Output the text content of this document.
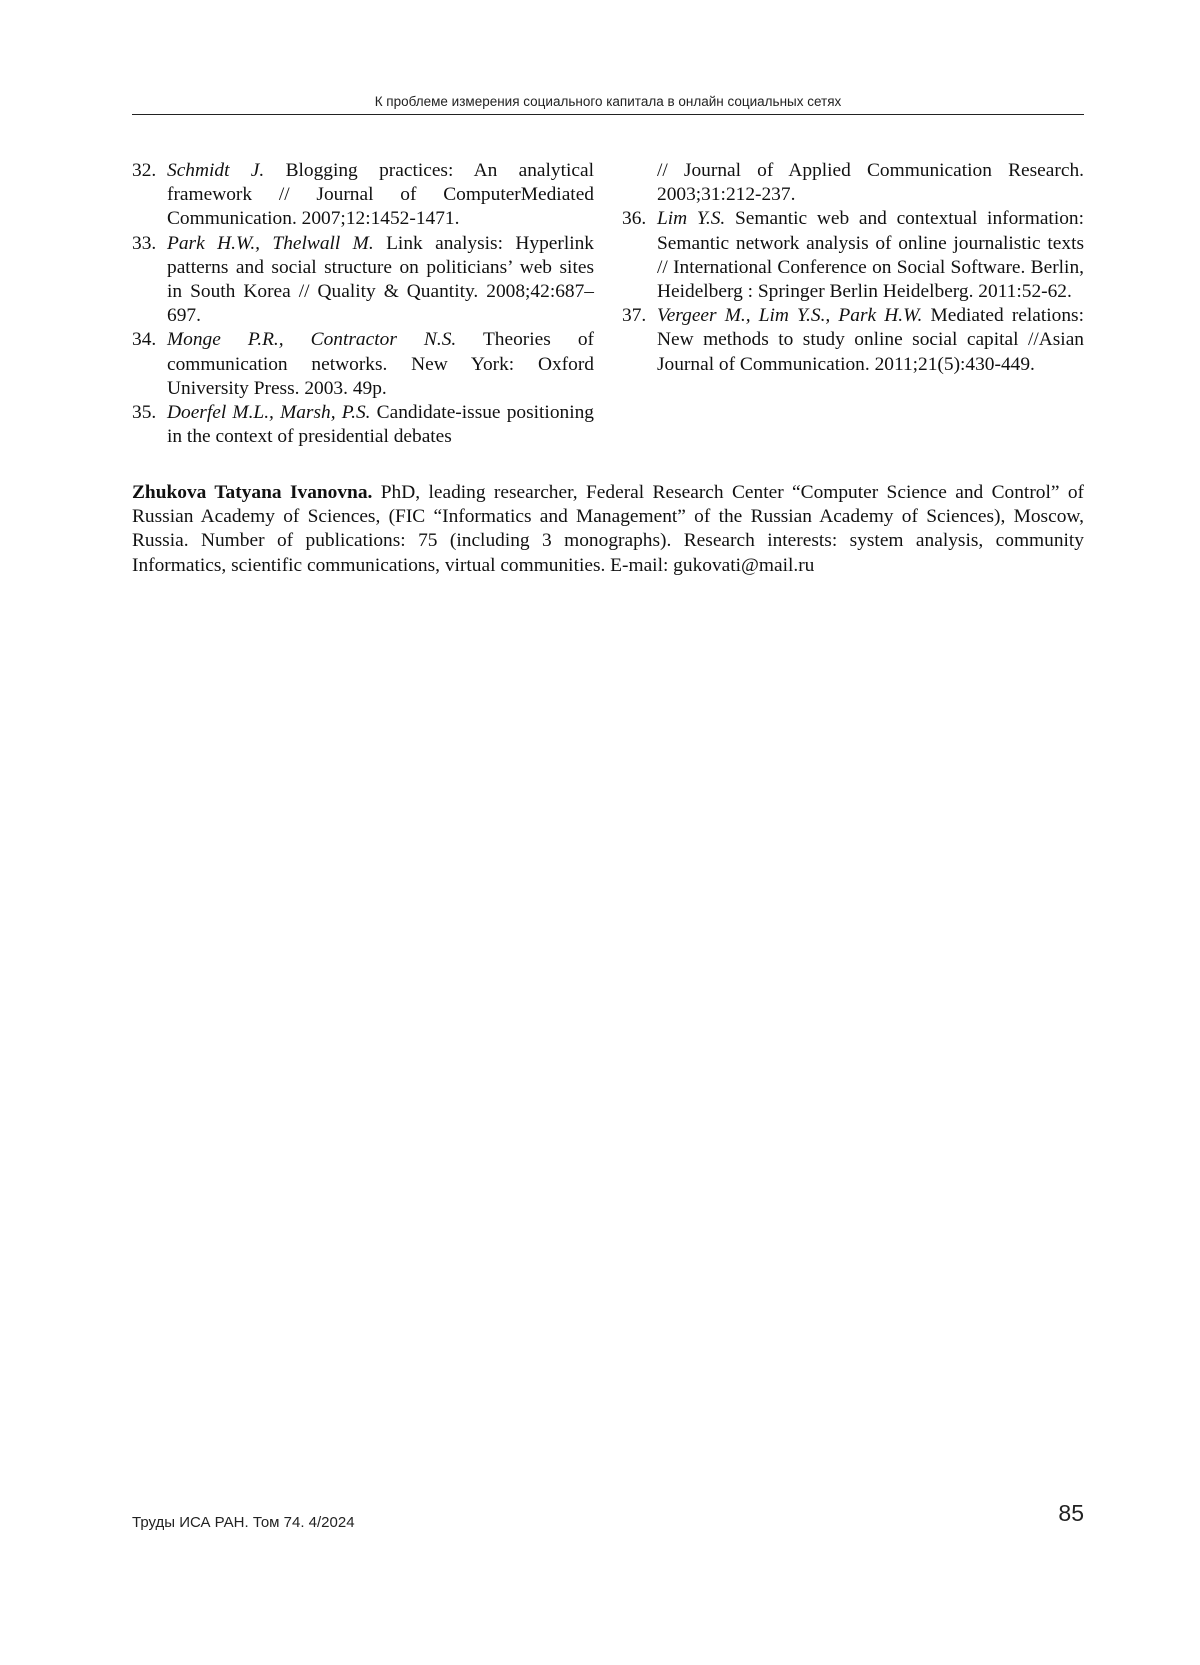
К проблеме измерения социального капитала в онлайн социальных сетях
32. Schmidt J. Blogging practices: An analytical framework // Journal of ComputerMediated Communication. 2007;12:1452-1471.
33. Park H.W., Thelwall M. Link analysis: Hyperlink patterns and social structure on politicians’ web sites in South Korea // Quality & Quantity. 2008;42:687–697.
34. Monge P.R., Contractor N.S. Theories of communication networks. New York: Oxford University Press. 2003. 49p.
35. Doerfel M.L., Marsh, P.S. Candidate-issue positioning in the context of presidential debates
// Journal of Applied Communication Research. 2003;31:212-237.
36. Lim Y.S. Semantic web and contextual information: Semantic network analysis of online journalistic texts // International Conference on Social Software. Berlin, Heidelberg : Springer Berlin Heidelberg. 2011:52-62.
37. Vergeer M., Lim Y.S., Park H.W. Mediated relations: New methods to study online social capital //Asian Journal of Communication. 2011;21(5):430-449.
Zhukova Tatyana Ivanovna. PhD, leading researcher, Federal Research Center “Computer Science and Control” of Russian Academy of Sciences, (FIC “Informatics and Management” of the Russian Academy of Sciences), Moscow, Russia. Number of publications: 75 (including 3 monographs). Research interests: system analysis, community Informatics, scientific communications, virtual communities. E-mail: gukovati@mail.ru
Труды ИСА РАН. Том 74. 4/2024	85
